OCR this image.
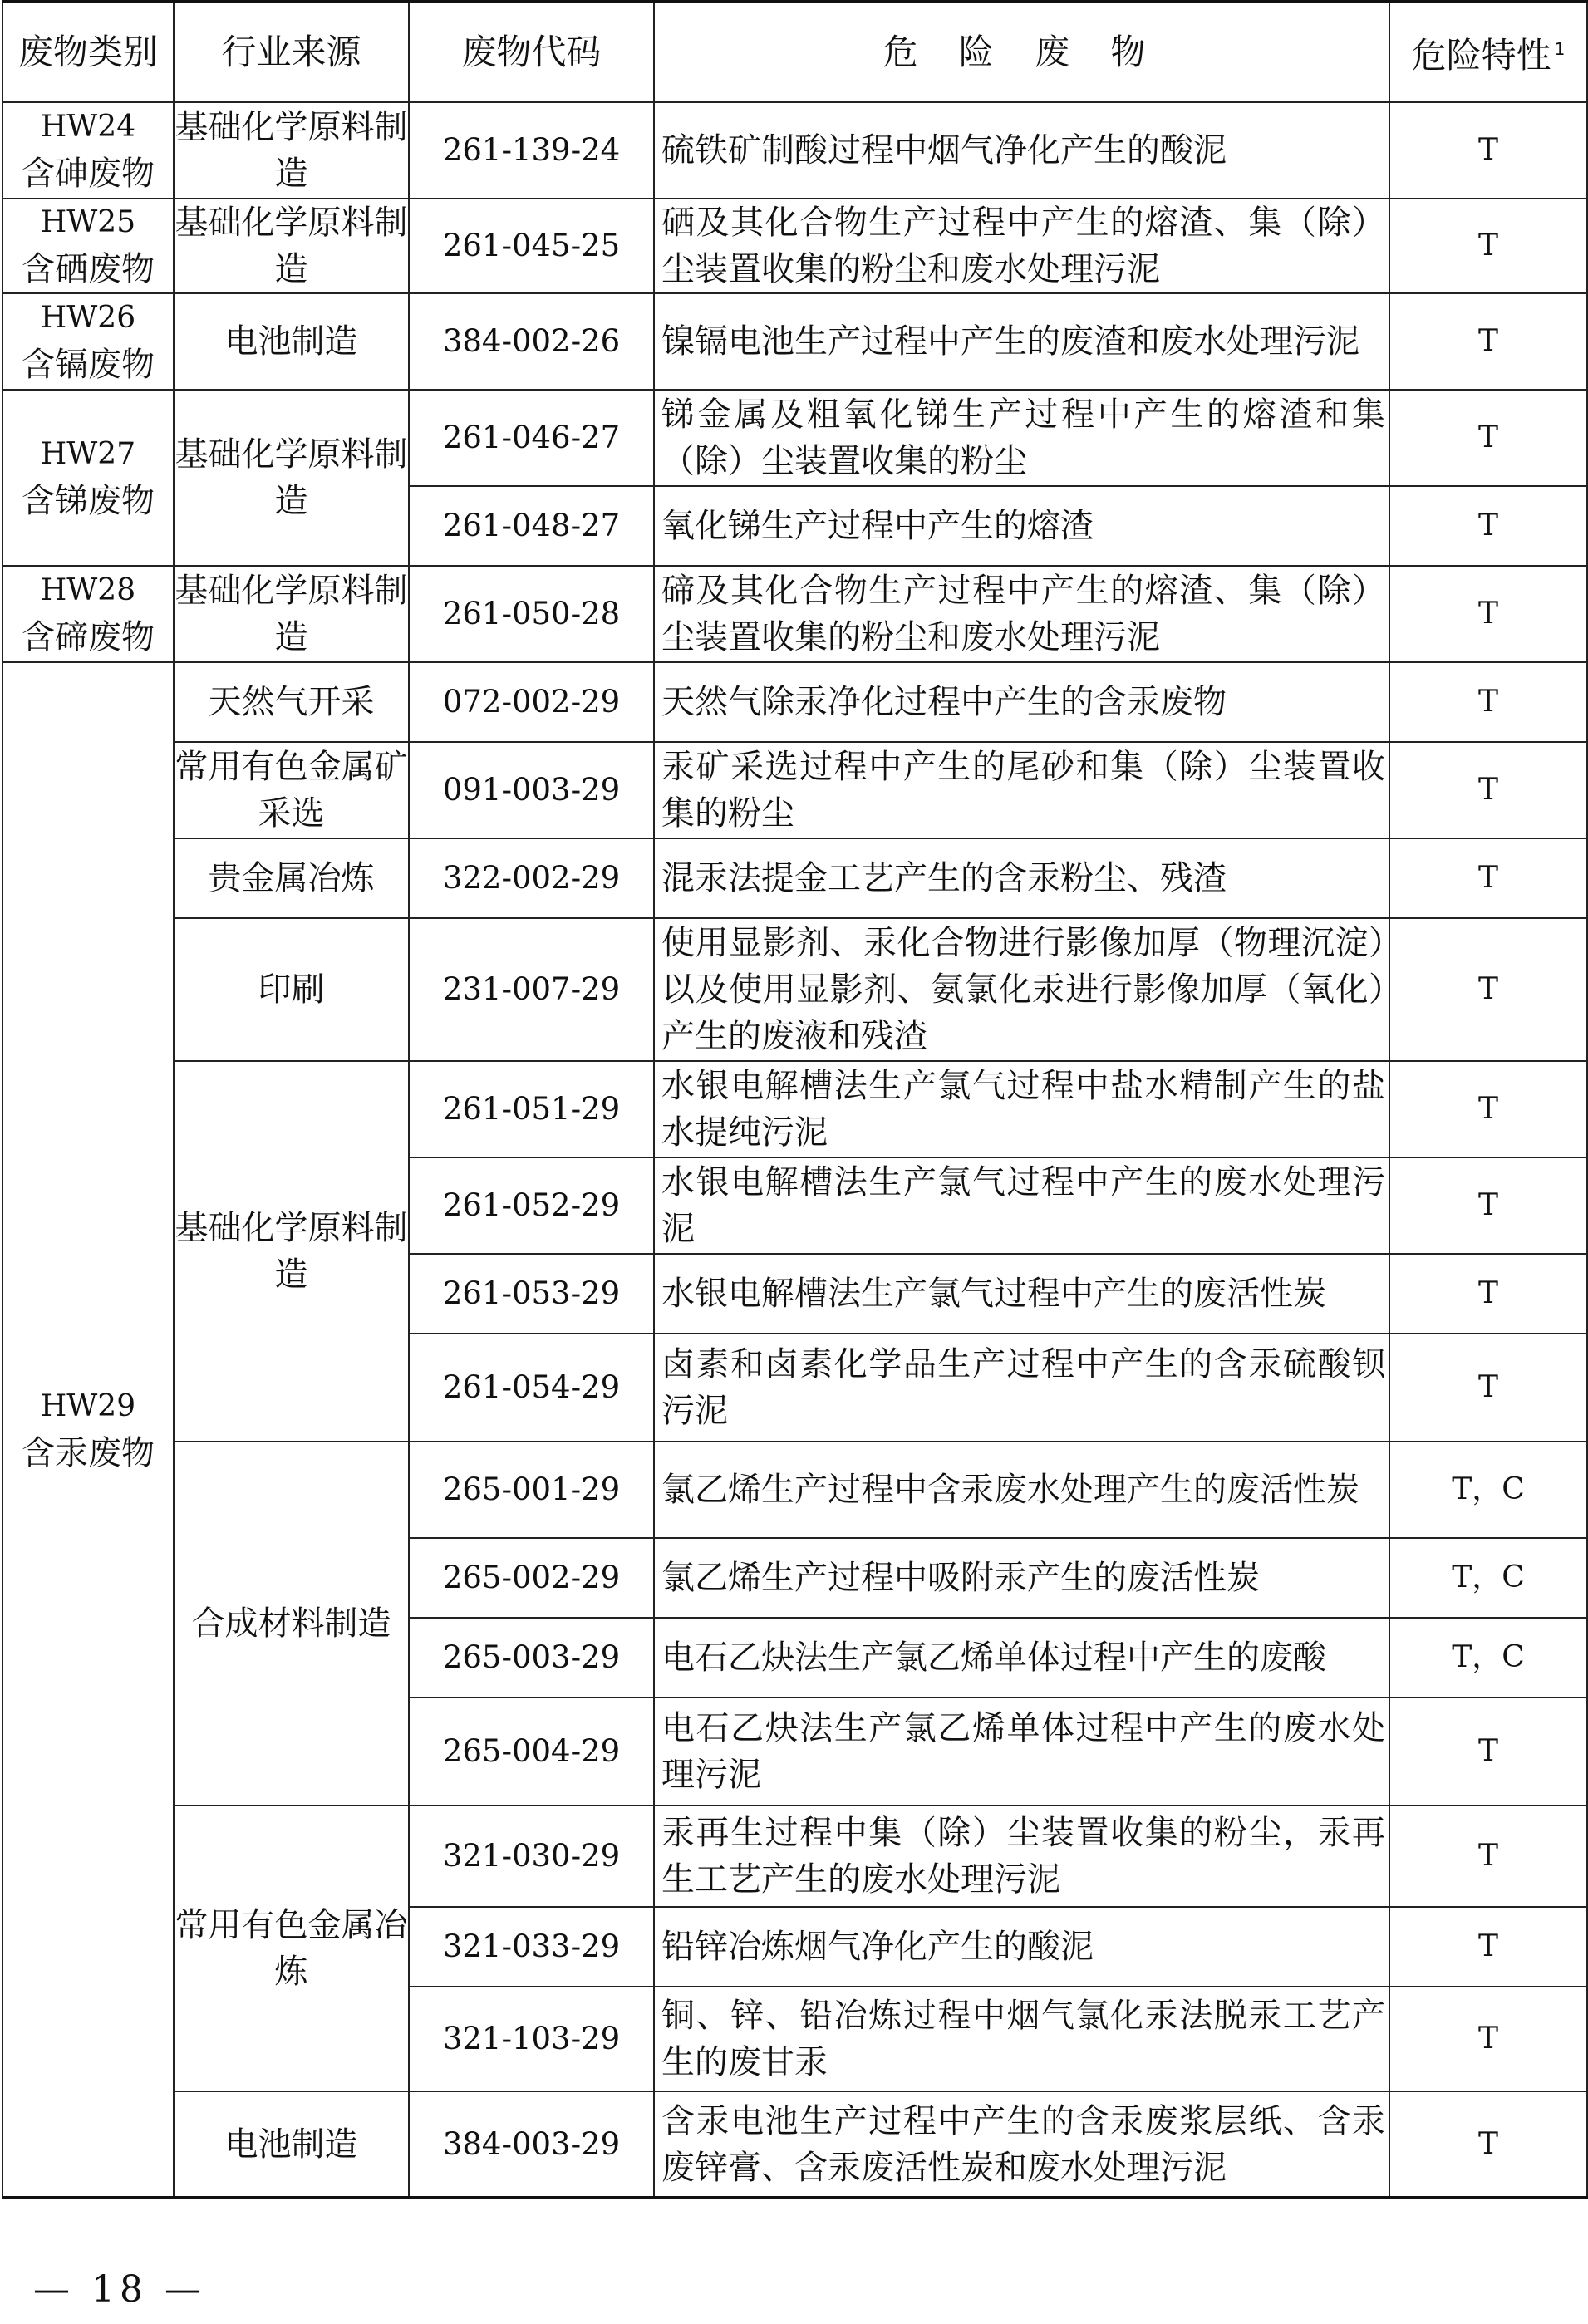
废物类别	行业来源	废物代码	危 险 废 物	危险特性 $^1$

HW24
含砷废物	基础化学原料制造	261-139-24	硫铁矿制酸过程中烟气净化产生的酸泥	T

HW25
含硒废物	基础化学原料制造	261-045-25	硒及其化合物生产过程中产生的熔渣、集（除）尘装置收集的粉尘和废水处理污泥	T

HW26
含镉废物	电池制造	384-002-26	镍镉电池生产过程中产生的废渣和废水处理污泥	T

HW27
含锑废物	基础化学原料制造	261-046-27	锑金属及粗氧化锑生产过程中产生的熔渣和集（除）尘装置收集的粉尘	T
		261-048-27	氧化锑生产过程中产生的熔渣	T

HW28
含碲废物	基础化学原料制造	261-050-28	碲及其化合物生产过程中产生的熔渣、集（除）尘装置收集的粉尘和废水处理污泥	T

HW29
含汞废物	天然气开采	072-002-29	天然气除汞净化过程中产生的含汞废物	T
	常用有色金属矿采选	091-003-29	汞矿采选过程中产生的尾砂和集（除）尘装置收集的粉尘	T
	贵金属冶炼	322-002-29	混汞法提金工艺产生的含汞粉尘、残渣	T
	印刷	231-007-29	使用显影剂、汞化合物进行影像加厚（物理沉淀）以及使用显影剂、氨氯化汞进行影像加厚（氧化）产生的废液和残渣	T
	基础化学原料制造	261-051-29	水银电解槽法生产氯气过程中盐水精制产生的盐水提纯污泥	T
		261-052-29	水银电解槽法生产氯气过程中产生的废水处理污泥	T
		261-053-29	水银电解槽法生产氯气过程中产生的废活性炭	T
		261-054-29	卤素和卤素化学品生产过程中产生的含汞硫酸钡污泥	T
	合成材料制造	265-001-29	氯乙烯生产过程中含汞废水处理产生的废活性炭	T，C
		265-002-29	氯乙烯生产过程中吸附汞产生的废活性炭	T，C
		265-003-29	电石乙炔法生产氯乙烯单体过程中产生的废酸	T，C
		265-004-29	电石乙炔法生产氯乙烯单体过程中产生的废水处理污泥	T
	常用有色金属冶炼	321-030-29	汞再生过程中集（除）尘装置收集的粉尘，汞再生工艺产生的废水处理污泥	T
		321-033-29	铅锌冶炼烟气净化产生的酸泥	T
		321-103-29	铜、锌、铅冶炼过程中烟气氯化汞法脱汞工艺产生的废甘汞	T
	电池制造	384-003-29	含汞电池生产过程中产生的含汞废浆层纸、含汞废锌膏、含汞废活性炭和废水处理污泥	T
— 18 —
